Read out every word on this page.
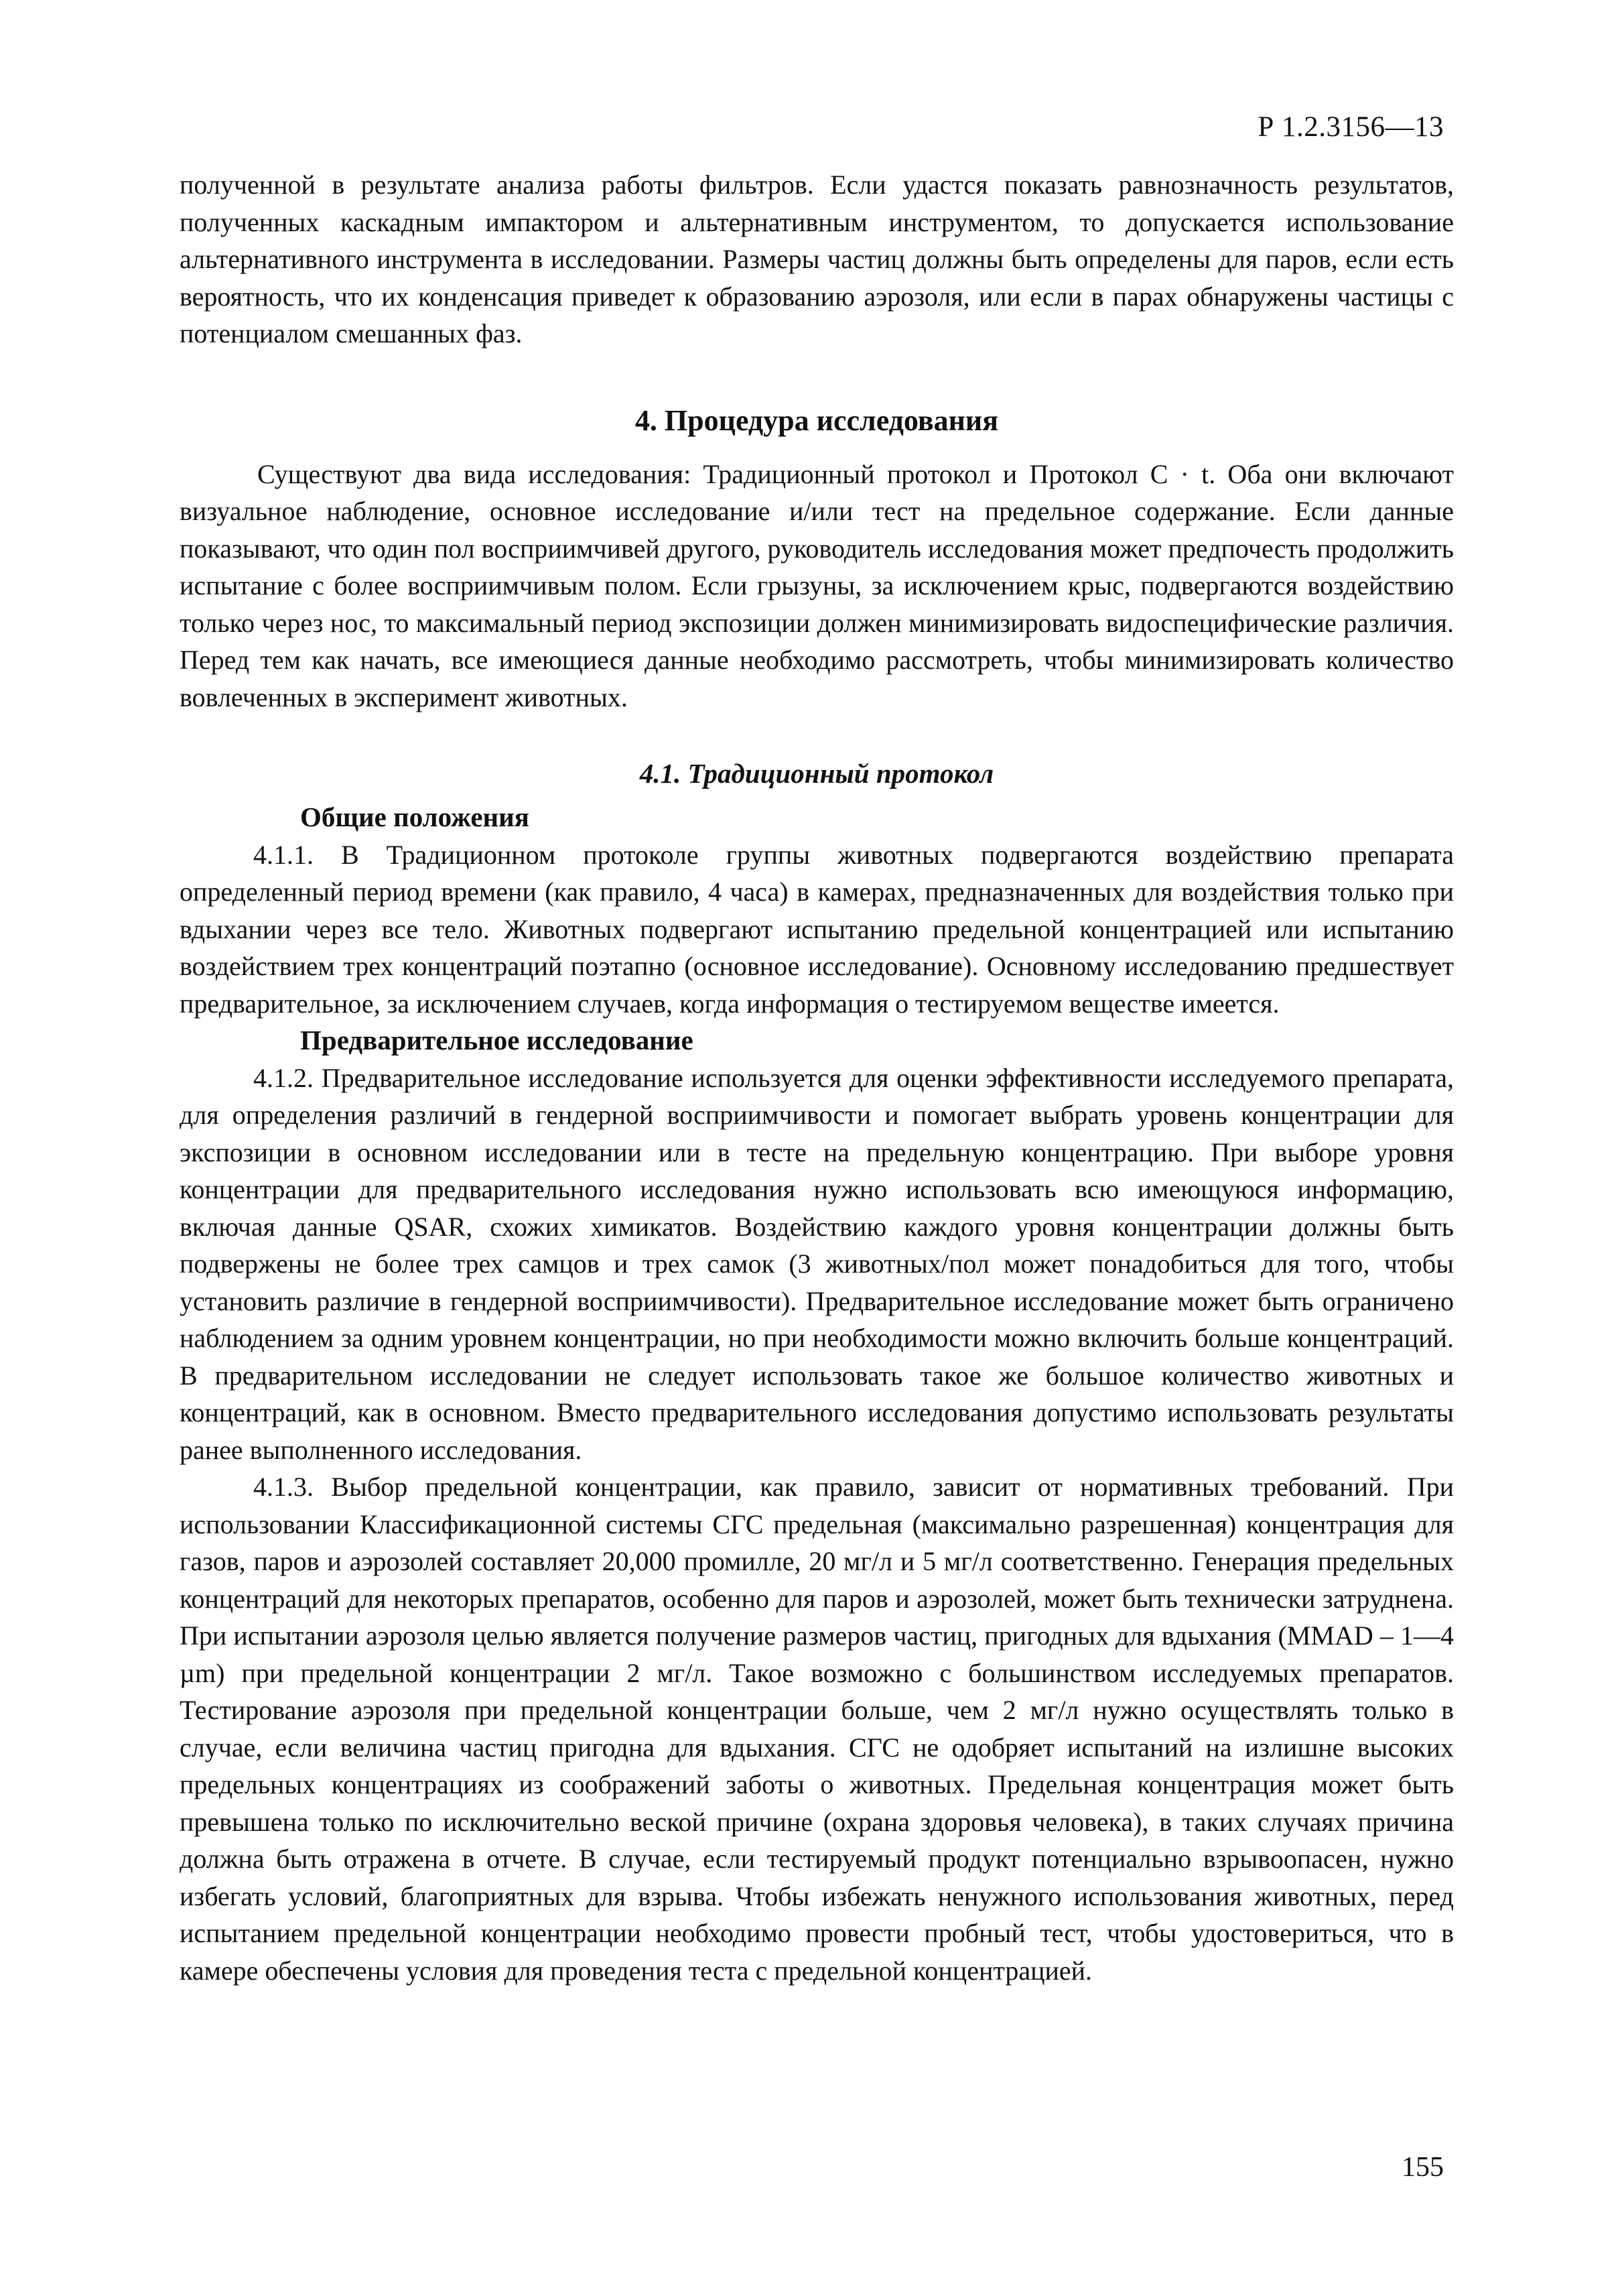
Р 1.2.3156—13

полученной в результате анализа работы фильтров. Если удастся показать равнозначность результатов, полученных каскадным импактором и альтернативным инструментом, то допускается использование альтернативного инструмента в исследовании. Размеры частиц должны быть определены для паров, если есть вероятность, что их конденсация приведет к образованию аэрозоля, или если в парах обнаружены частицы с потенциалом смешанных фаз.

4. Процедура исследования

Существуют два вида исследования: Традиционный протокол и Протокол C · t. Оба они включают визуальное наблюдение, основное исследование и/или тест на предельное содержание. Если данные показывают, что один пол восприимчивей другого, руководитель исследования может предпочесть продолжить испытание с более восприимчивым полом. Если грызуны, за исключением крыс, подвергаются воздействию только через нос, то максимальный период экспозиции должен минимизировать видоспецифические различия. Перед тем как начать, все имеющиеся данные необходимо рассмотреть, чтобы минимизировать количество вовлеченных в эксперимент животных.

4.1. Традиционный протокол
Общие положения

4.1.1. В Традиционном протоколе группы животных подвергаются воздействию препарата определенный период времени (как правило, 4 часа) в камерах, предназначенных для воздействия только при вдыхании через все тело. Животных подвергают испытанию предельной концентрацией или испытанию воздействием трех концентраций поэтапно (основное исследование). Основному исследованию предшествует предварительное, за исключением случаев, когда информация о тестируемом веществе имеется.

Предварительное исследование

4.1.2. Предварительное исследование используется для оценки эффективности исследуемого препарата, для определения различий в гендерной восприимчивости и помогает выбрать уровень концентрации для экспозиции в основном исследовании или в тесте на предельную концентрацию. При выборе уровня концентрации для предварительного исследования нужно использовать всю имеющуюся информацию, включая данные QSAR, схожих химикатов. Воздействию каждого уровня концентрации должны быть подвержены не более трех самцов и трех самок (3 животных/пол может понадобиться для того, чтобы установить различие в гендерной восприимчивости). Предварительное исследование может быть ограничено наблюдением за одним уровнем концентрации, но при необходимости можно включить больше концентраций. В предварительном исследовании не следует использовать такое же большое количество животных и концентраций, как в основном. Вместо предварительного исследования допустимо использовать результаты ранее выполненного исследования.

4.1.3. Выбор предельной концентрации, как правило, зависит от нормативных требований. При использовании Классификационной системы СГС предельная (максимально разрешенная) концентрация для газов, паров и аэрозолей составляет 20,000 промилле, 20 мг/л и 5 мг/л соответственно. Генерация предельных концентраций для некоторых препаратов, особенно для паров и аэрозолей, может быть технически затруднена. При испытании аэрозоля целью является получение размеров частиц, пригодных для вдыхания (MMAD – 1—4 µm) при предельной концентрации 2 мг/л. Такое возможно с большинством исследуемых препаратов. Тестирование аэрозоля при предельной концентрации больше, чем 2 мг/л нужно осуществлять только в случае, если величина частиц пригодна для вдыхания. СГС не одобряет испытаний на излишне высоких предельных концентрациях из соображений заботы о животных. Предельная концентрация может быть превышена только по исключительно веской причине (охрана здоровья человека), в таких случаях причина должна быть отражена в отчете. В случае, если тестируемый продукт потенциально взрывоопасен, нужно избегать условий, благоприятных для взрыва. Чтобы избежать ненужного использования животных, перед испытанием предельной концентрации необходимо провести пробный тест, чтобы удостовериться, что в камере обеспечены условия для проведения теста с предельной концентрацией.

155
